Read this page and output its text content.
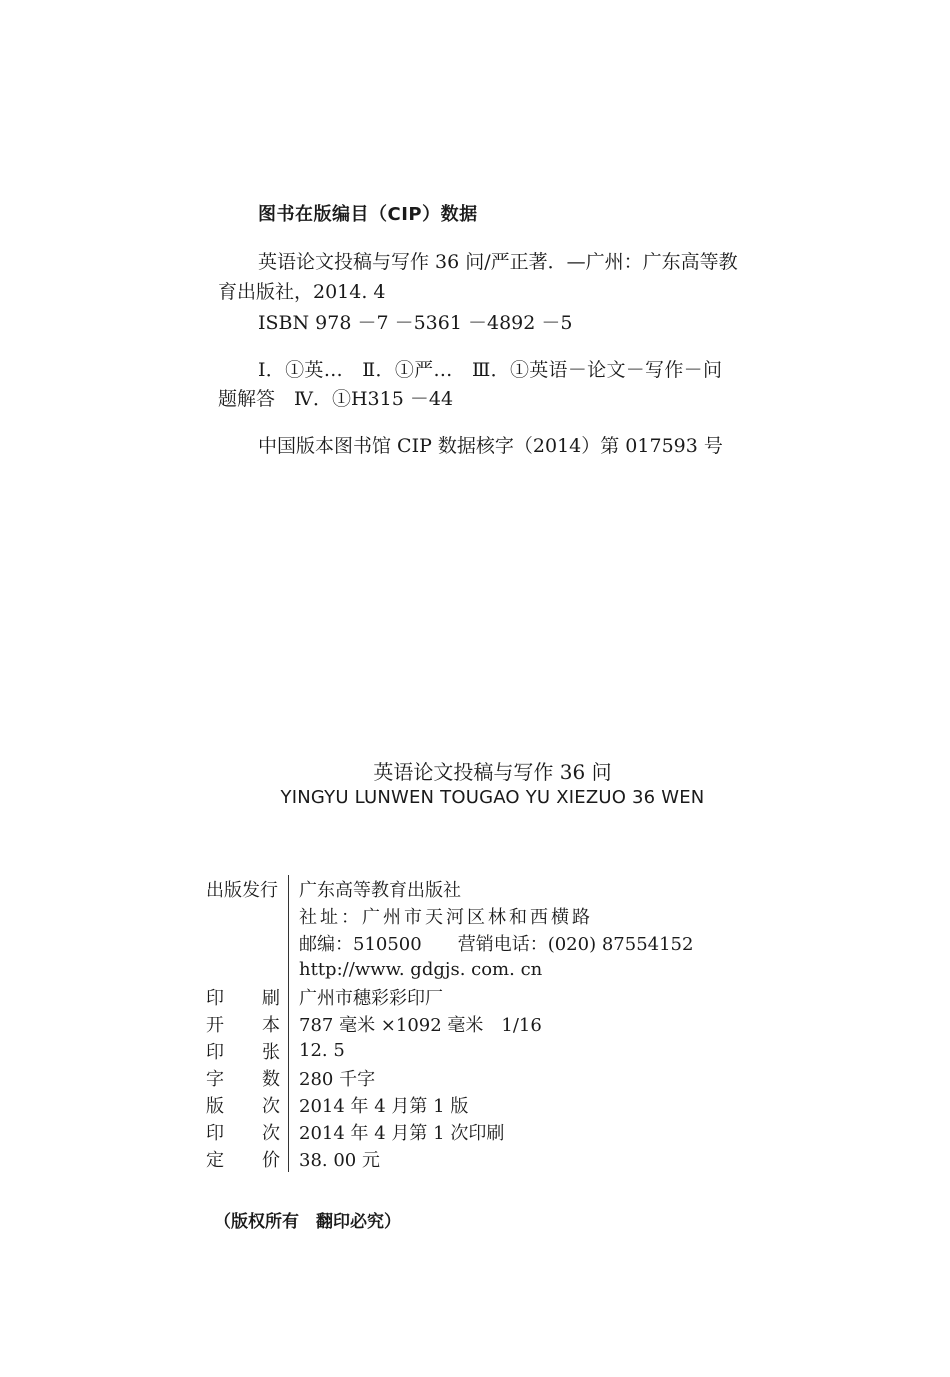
图书在版编目（CIP）数据
英语论文投稿与写作 36 问/严正著．—广州：广东高等教
育出版社，2014. 4
ISBN 978 －7 －5361 －4892 －5
Ⅰ．①英…　Ⅱ．①严…　Ⅲ．①英语－论文－写作－问
题解答　Ⅳ．①H315 －44
中国版本图书馆 CIP 数据核字（2014）第 017593 号
英语论文投稿与写作 36 问
YINGYU LUNWEN TOUGAO YU XIEZUO 36 WEN
出版发行	广东高等教育出版社
社址：广州市天河区林和西横路
邮编：510500　　营销电话：(020) 87554152
http://www. gdgjs. com. cn
印 刷	广州市穗彩彩印厂
开 本	787 毫米 ×1092 毫米　1/16
印 张	12. 5
字 数	280 千字
版 次	2014 年 4 月第 1 版
印 次	2014 年 4 月第 1 次印刷
定 价	38. 00 元
（版权所有　翻印必究）
